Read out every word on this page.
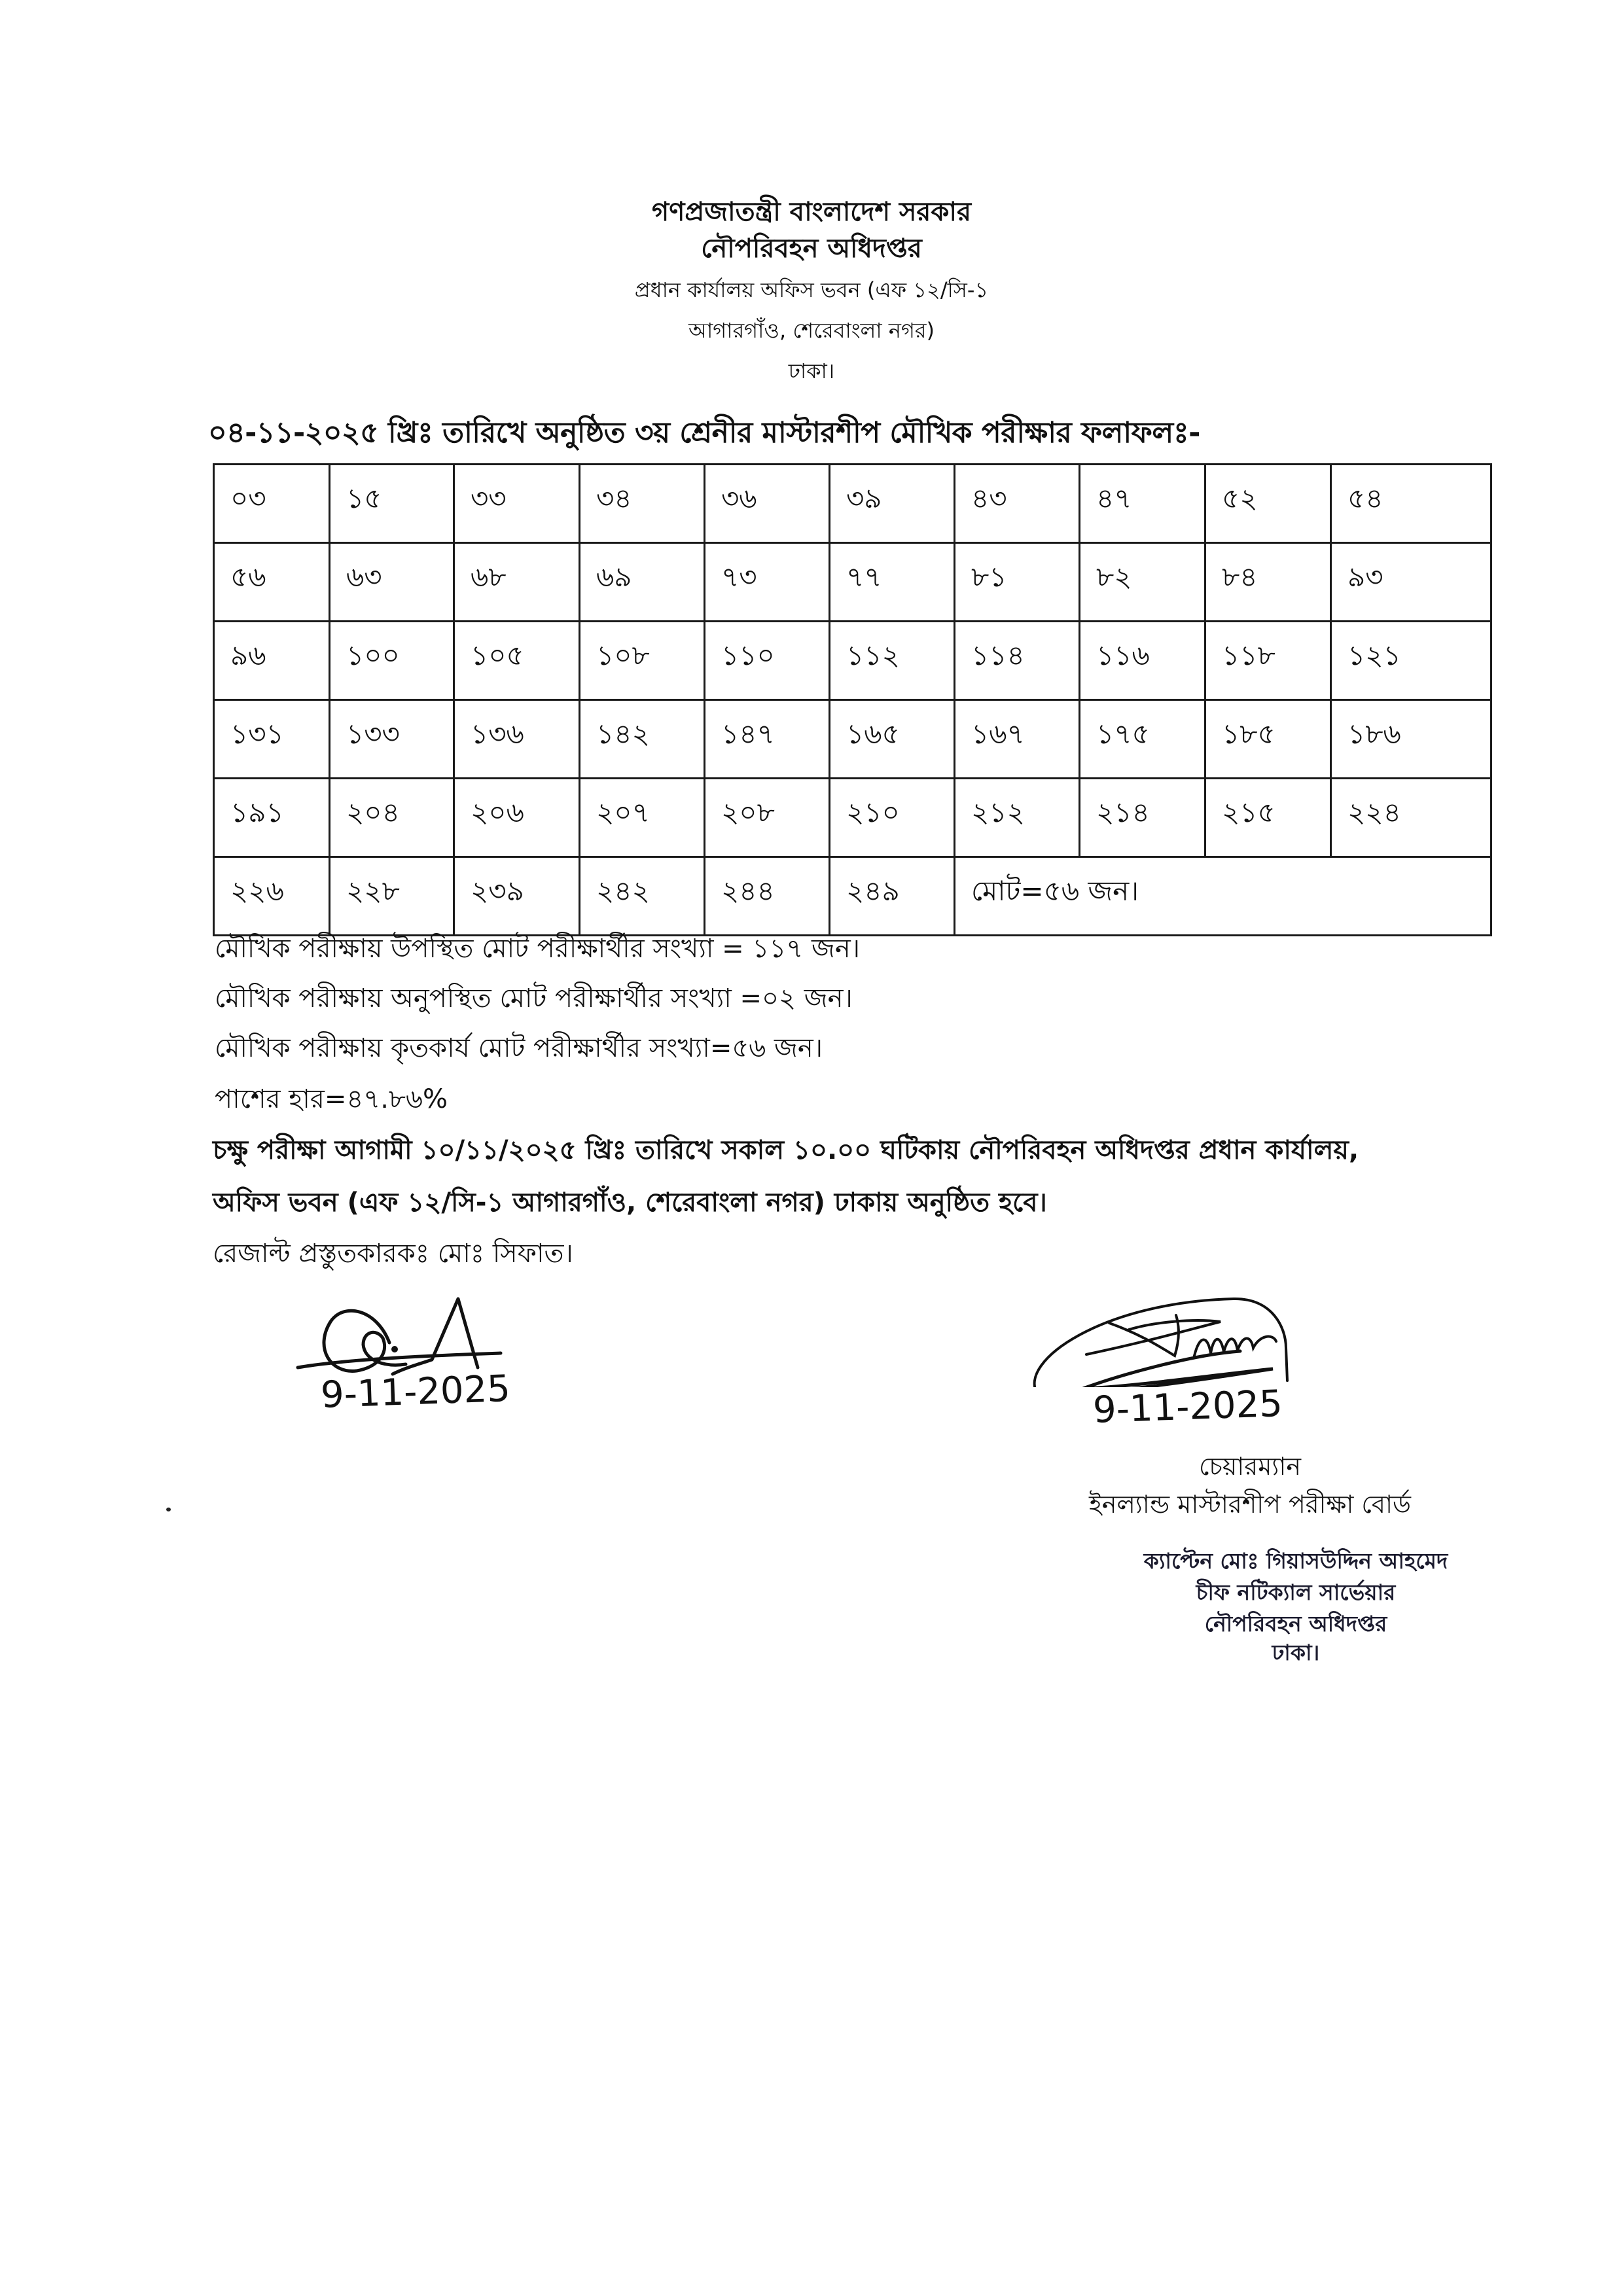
গণপ্রজাতন্ত্রী বাংলাদেশ সরকার
নৌপরিবহন অধিদপ্তর
প্রধান কার্যালয় অফিস ভবন (এফ ১২/সি-১
আগারগাঁও, শেরেবাংলা নগর)
ঢাকা।
০৪-১১-২০২৫ খ্রিঃ তারিখে অনুষ্ঠিত ৩য় শ্রেনীর মাস্টারশীপ মৌখিক পরীক্ষার ফলাফলঃ-
০৩	১৫	৩৩	৩৪	৩৬	৩৯	৪৩	৪৭	৫২	৫৪
৫৬	৬৩	৬৮	৬৯	৭৩	৭৭	৮১	৮২	৮৪	৯৩
৯৬	১০০	১০৫	১০৮	১১০	১১২	১১৪	১১৬	১১৮	১২১
১৩১	১৩৩	১৩৬	১৪২	১৪৭	১৬৫	১৬৭	১৭৫	১৮৫	১৮৬
১৯১	২০৪	২০৬	২০৭	২০৮	২১০	২১২	২১৪	২১৫	২২৪
২২৬	২২৮	২৩৯	২৪২	২৪৪	২৪৯	মোট=৫৬ জন।			
মৌখিক পরীক্ষায় উপস্থিত মোট পরীক্ষার্থীর সংখ্যা = ১১৭ জন।
মৌখিক পরীক্ষায় অনুপস্থিত মোট পরীক্ষার্থীর সংখ্যা =০২ জন।
মৌখিক পরীক্ষায় কৃতকার্য মোট পরীক্ষার্থীর সংখ্যা=৫৬ জন।
পাশের হার=৪৭.৮৬%
চক্ষু পরীক্ষা আগামী ১০/১১/২০২৫ খ্রিঃ তারিখে সকাল ১০.০০ ঘটিকায় নৌপরিবহন অধিদপ্তর প্রধান কার্যালয়,
অফিস ভবন (এফ ১২/সি-১ আগারগাঁও, শেরেবাংলা নগর) ঢাকায় অনুষ্ঠিত হবে।
রেজাল্ট প্রস্তুতকারকঃ মোঃ সিফাত।
9-11-2025	9-11-2025
চেয়ারম্যান
ইনল্যান্ড মাস্টারশীপ পরীক্ষা বোর্ড
ক্যাপ্টেন মোঃ গিয়াসউদ্দিন আহমেদ
চীফ নটিক্যাল সার্ভেয়ার
নৌপরিবহন অধিদপ্তর
ঢাকা।
